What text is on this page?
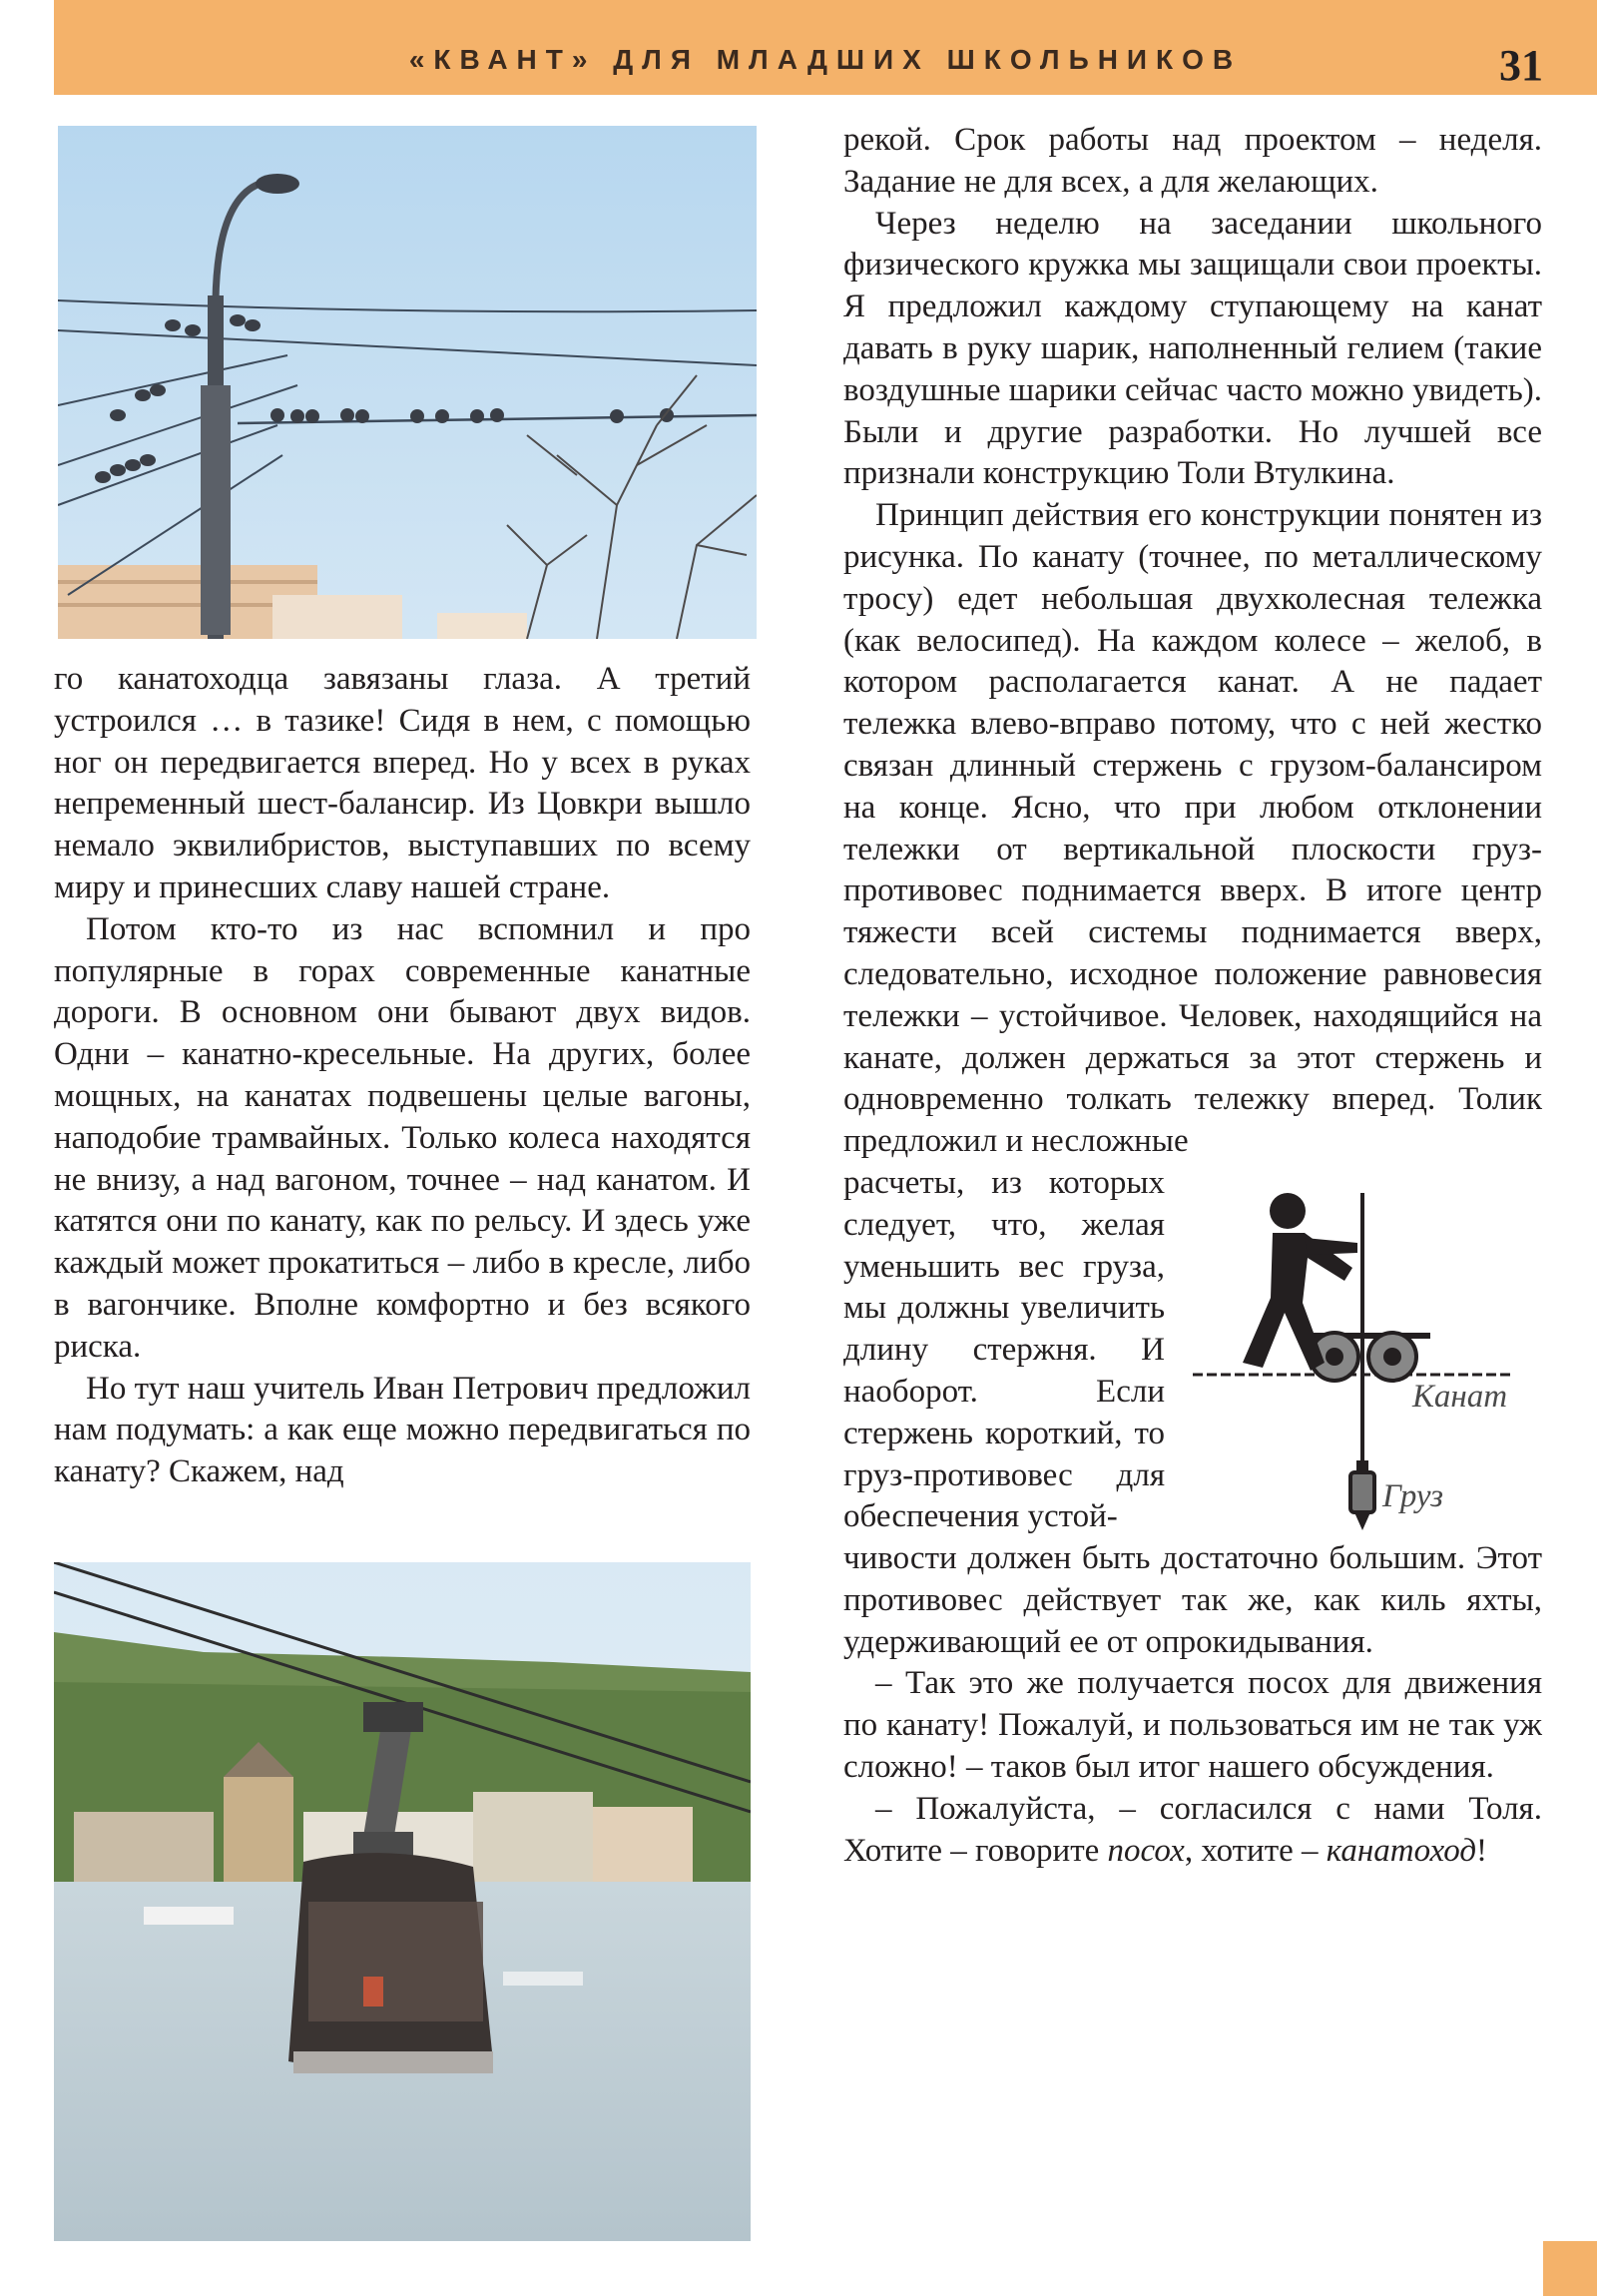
«КВАНТ» ДЛЯ МЛАДШИХ ШКОЛЬНИКОВ	31

го канатоходца завязаны глаза. А третий устроился … в тазике! Сидя в нем, с помощью ног он передвигается вперед. Но у всех в руках непременный шест-балансир. Из Цовкри вышло немало эквилибристов, выступавших по всему миру и принесших славу нашей стране.

Потом кто-то из нас вспомнил и про популярные в горах современные канатные дороги. В основном они бывают двух видов. Одни – канатно-кресельные. На других, более мощных, на канатах подвешены целые вагоны, наподобие трамвайных. Только колеса находятся не внизу, а над вагоном, точнее – над канатом. И катятся они по канату, как по рельсу. И здесь уже каждый может прокатиться – либо в кресле, либо в вагончике. Вполне комфортно и без всякого риска.

Но тут наш учитель Иван Петрович предложил нам подумать: а как еще можно передвигаться по канату? Скажем, над

рекой. Срок работы над проектом – неделя. Задание не для всех, а для желающих.

Через неделю на заседании школьного физического кружка мы защищали свои проекты. Я предложил каждому ступающему на канат давать в руку шарик, наполненный гелием (такие воздушные шарики сейчас часто можно увидеть). Были и другие разработки. Но лучшей все признали конструкцию Толи Втулкина.

Принцип действия его конструкции понятен из рисунка. По канату (точнее, по металлическому тросу) едет небольшая двухколесная тележка (как велосипед). На каждом колесе – желоб, в котором располагается канат. А не падает тележка влево-вправо потому, что с ней жестко связан длинный стержень с грузом-балансиром на конце. Ясно, что при любом отклонении тележки от вертикальной плоскости груз-противовес поднимается вверх. В итоге центр тяжести всей системы поднимается вверх, следовательно, исходное положение равновесия тележки – устойчивое. Человек, находящийся на канате, должен держаться за этот стержень и одновременно толкать тележку вперед. Толик предложил и несложные

расчеты, из которых следует, что, желая уменьшить вес груза, мы должны увеличить длину стержня. И наоборот. Если стержень короткий, то груз-противовес для обеспечения устой-

Канат
Груз

чивости должен быть достаточно большим. Этот противовес действует так же, как киль яхты, удерживающий ее от опрокидывания.

– Так это же получается посох для движения по канату! Пожалуй, и пользоваться им не так уж сложно! – таков был итог нашего обсуждения.

– Пожалуйста, – согласился с нами Толя. Хотите – говорите посох, хотите – канатоход!
